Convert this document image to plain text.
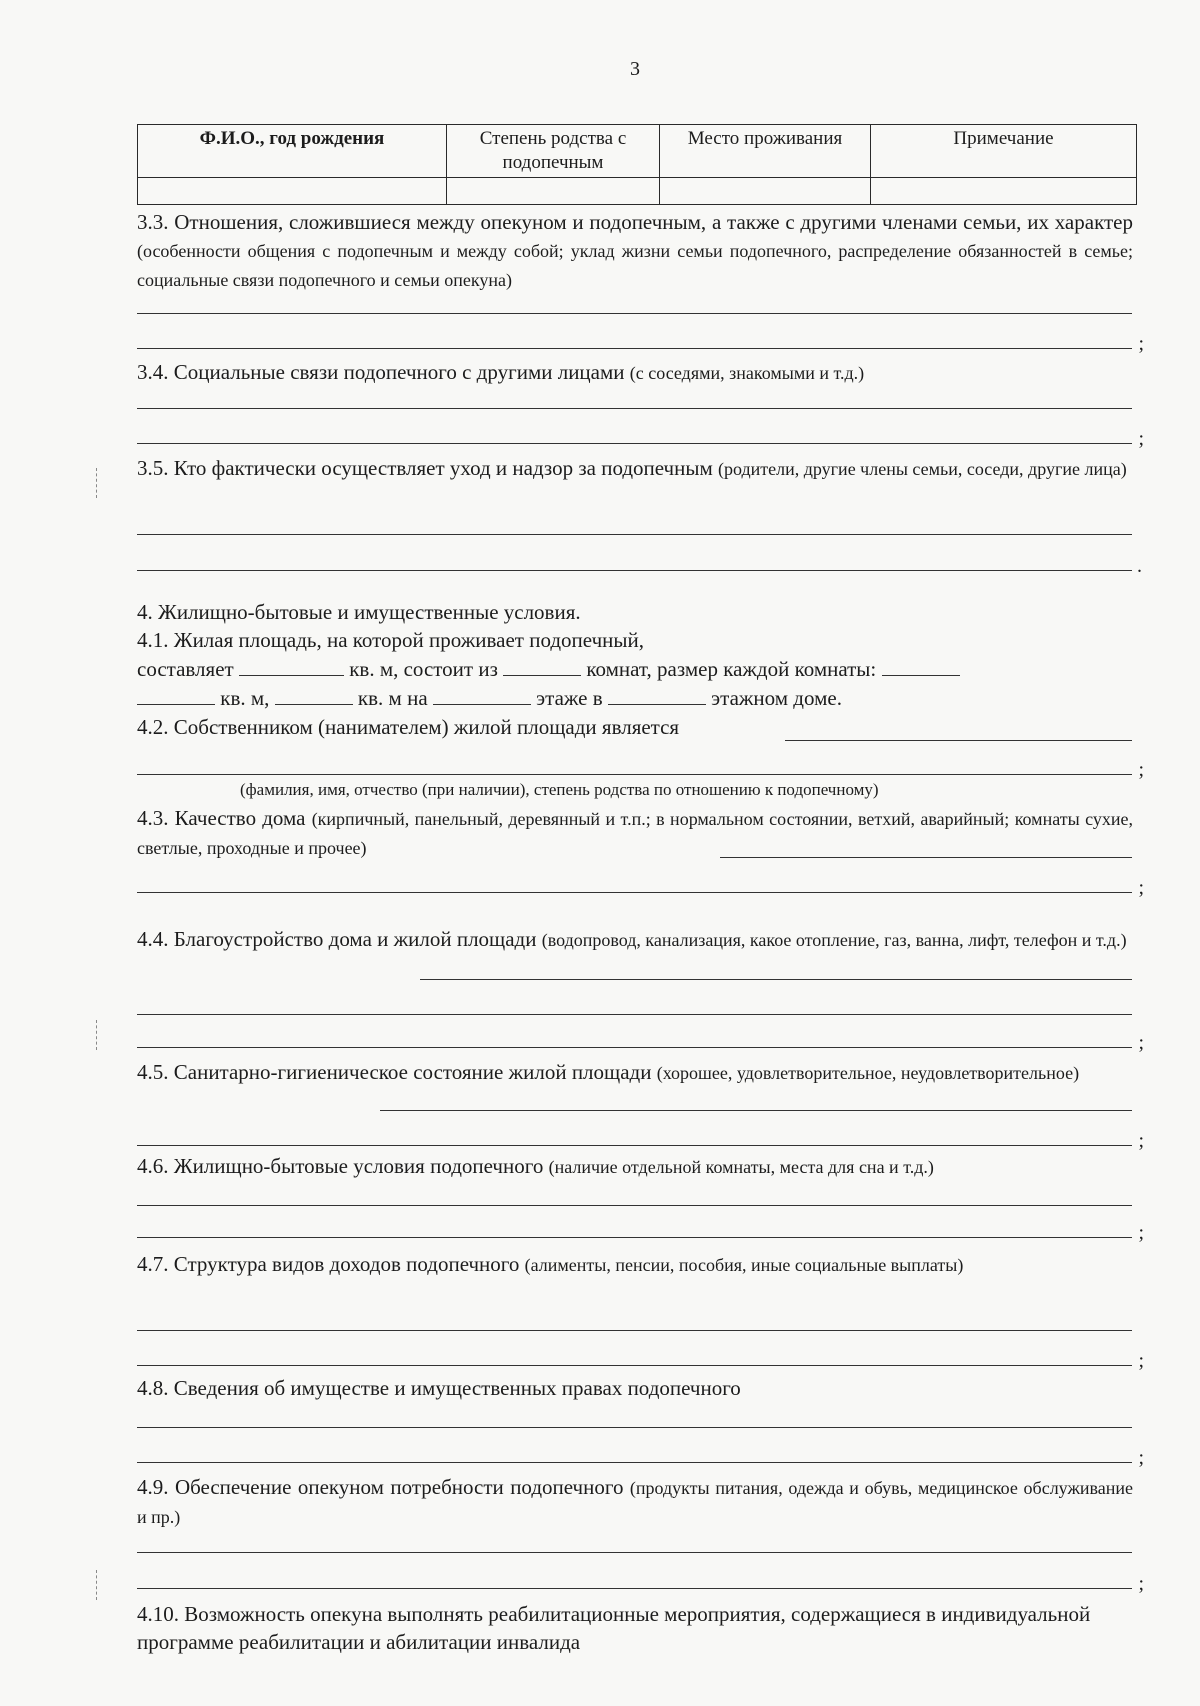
3
Ф.И.О., год рождения	Степень родства с подопечным	Место проживания	Примечание

3.3. Отношения, сложившиеся между опекуном и подопечным, а также с другими членами семьи, их характер (особенности общения с подопечным и между собой; уклад жизни семьи подопечного, распределение обязанностей в семье; социальные связи подопечного и семьи опекуна)
;
3.4. Социальные связи подопечного с другими лицами (с соседями, знакомыми и т.д.)
;
3.5. Кто фактически осуществляет уход и надзор за подопечным (родители, другие члены семьи, соседи, другие лица)
.
4. Жилищно-бытовые и имущественные условия.
4.1. Жилая площадь, на которой проживает подопечный,
составляет	кв. м, состоит из	комнат, размер каждой комнаты:
кв. м,	кв. м на	этаже в	этажном доме.
4.2. Собственником (нанимателем) жилой площади является
;
(фамилия, имя, отчество (при наличии), степень родства по отношению к подопечному)
4.3. Качество дома (кирпичный, панельный, деревянный и т.п.; в нормальном состоянии, ветхий, аварийный; комнаты сухие, светлые, проходные и прочее)
;
4.4. Благоустройство дома и жилой площади (водопровод, канализация, какое отопление, газ, ванна, лифт, телефон и т.д.)
;
4.5. Санитарно-гигиеническое состояние жилой площади (хорошее, удовлетворительное, неудовлетворительное)
;
4.6. Жилищно-бытовые условия подопечного (наличие отдельной комнаты, места для сна и т.д.)
;
4.7. Структура видов доходов подопечного (алименты, пенсии, пособия, иные социальные выплаты)
;
4.8. Сведения об имуществе и имущественных правах подопечного
;
4.9. Обеспечение опекуном потребности подопечного (продукты питания, одежда и обувь, медицинское обслуживание и пр.)
;
4.10. Возможность опекуна выполнять реабилитационные мероприятия, содержащиеся в индивидуальной программе реабилитации и абилитации инвалида
